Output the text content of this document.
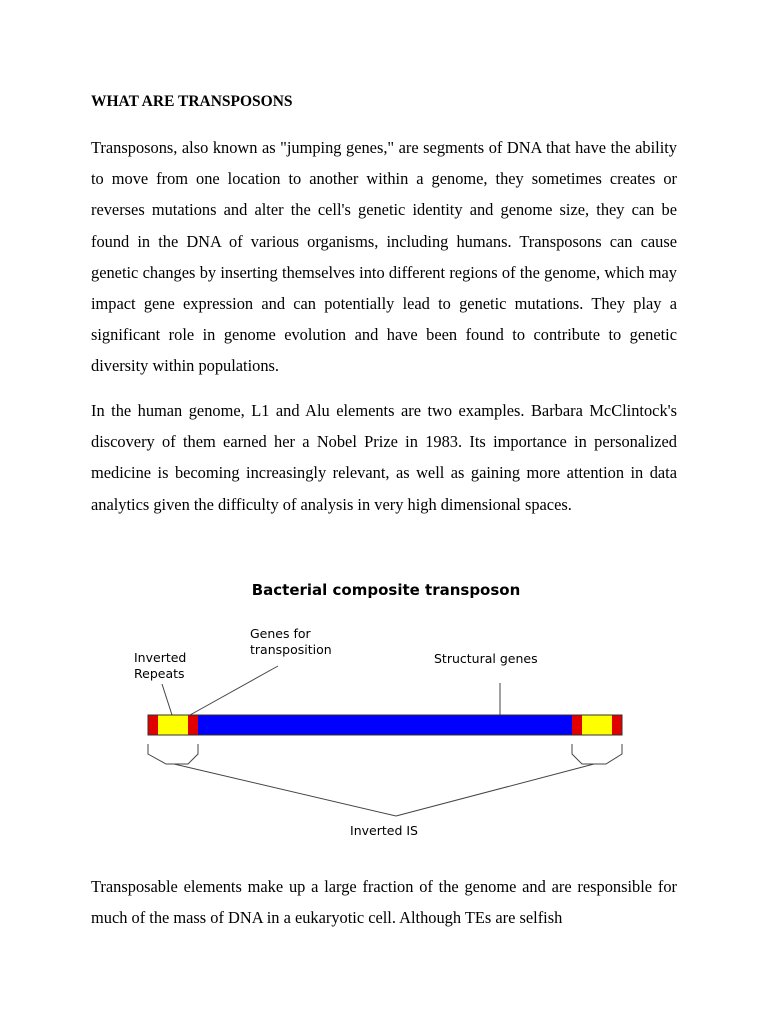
WHAT ARE TRANSPOSONS

Transposons, also known as "jumping genes," are segments of DNA that have the ability to move from one location to another within a genome, they sometimes creates or reverses mutations and alter the cell's genetic identity and genome size, they can be found in the DNA of various organisms, including humans. Transposons can cause genetic changes by inserting themselves into different regions of the genome, which may impact gene expression and can potentially lead to genetic mutations. They play a significant role in genome evolution and have been found to contribute to genetic diversity within populations.

In the human genome, L1 and Alu elements are two examples. Barbara McClintock's discovery of them earned her a Nobel Prize in 1983. Its importance in personalized medicine is becoming increasingly relevant, as well as gaining more attention in data analytics given the difficulty of analysis in very high dimensional spaces.

Bacterial composite transposon
Inverted
Repeats
Genes for
transposition
Structural genes
Inverted IS

Transposable elements make up a large fraction of the genome and are responsible for much of the mass of DNA in a eukaryotic cell. Although TEs are selfish
